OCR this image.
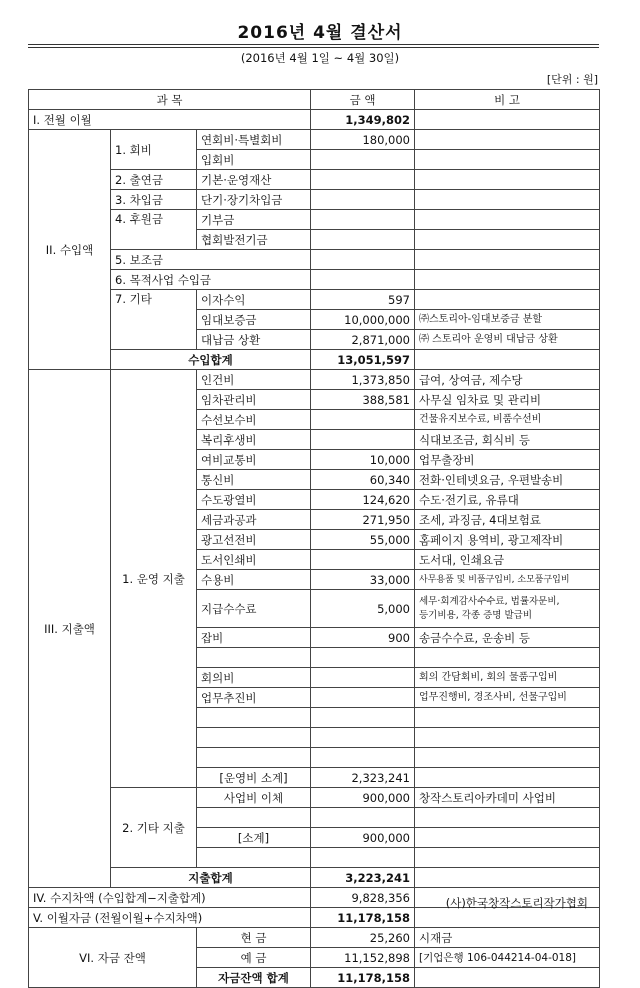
2016년 4월 결산서
(2016년 4월 1일 ~ 4월 30일)
[단위 : 원]
과 목			금 액	비 고
I. 전월 이월			1,349,802	
II. 수입액	1. 회비	연회비·특별회비	180,000	
		입회비		
	2. 출연금	기본·운영재산		
	3. 차입금	단기·장기차입금		
	4. 후원금	기부금		
		협회발전기금		
	5. 보조금			
	6. 목적사업 수입금			
	7. 기타	이자수익	597	
		임대보증금	10,000,000	㈜스토리아-임대보증금 분할
		대납금 상환	2,871,000	㈜ 스토리아 운영비 대납금 상환
	수입합계		13,051,597	
III. 지출액	1. 운영 지출	인건비	1,373,850	급여, 상여금, 제수당
		임차관리비	388,581	사무실 임차료 및 관리비
		수선보수비		건물유지보수료, 비품수선비
		복리후생비		식대보조금, 회식비 등
		여비교통비	10,000	업무출장비
		통신비	60,340	전화·인테넷요금, 우편발송비
		수도광열비	124,620	수도·전기료, 유류대
		세금과공과	271,950	조세, 과징금, 4대보험료
		광고선전비	55,000	홈페이지 용역비, 광고제작비
		도서인쇄비		도서대, 인쇄요금
		수용비	33,000	사무용품 및 비품구입비, 소모품구입비
		지급수수료	5,000	세무·회계감사수수료, 법률자문비,
등기비용, 각종 증명 발급비

		잡비	900	송금수수료, 운송비 등

		회의비		회의 간담회비, 회의 물품구입비
		업무추진비		업무진행비, 경조사비, 선물구입비

		[운영비 소계]	2,323,241	
	2. 기타 지출	사업비 이체	900,000	창작스토리아카데미 사업비

		[소계]	900,000	

	지출합계		3,223,241	
IV. 수지차액 (수입합계−지출합계)			9,828,356	
V. 이월자금 (전월이월+수지차액)			11,178,158	
VI. 자금 잔액		현 금	25,260	시재금
		예 금	11,152,898	[기업은행 106-044214-04-018]
		자금잔액 합계	11,178,158	
(사)한국창작스토리작가협회
